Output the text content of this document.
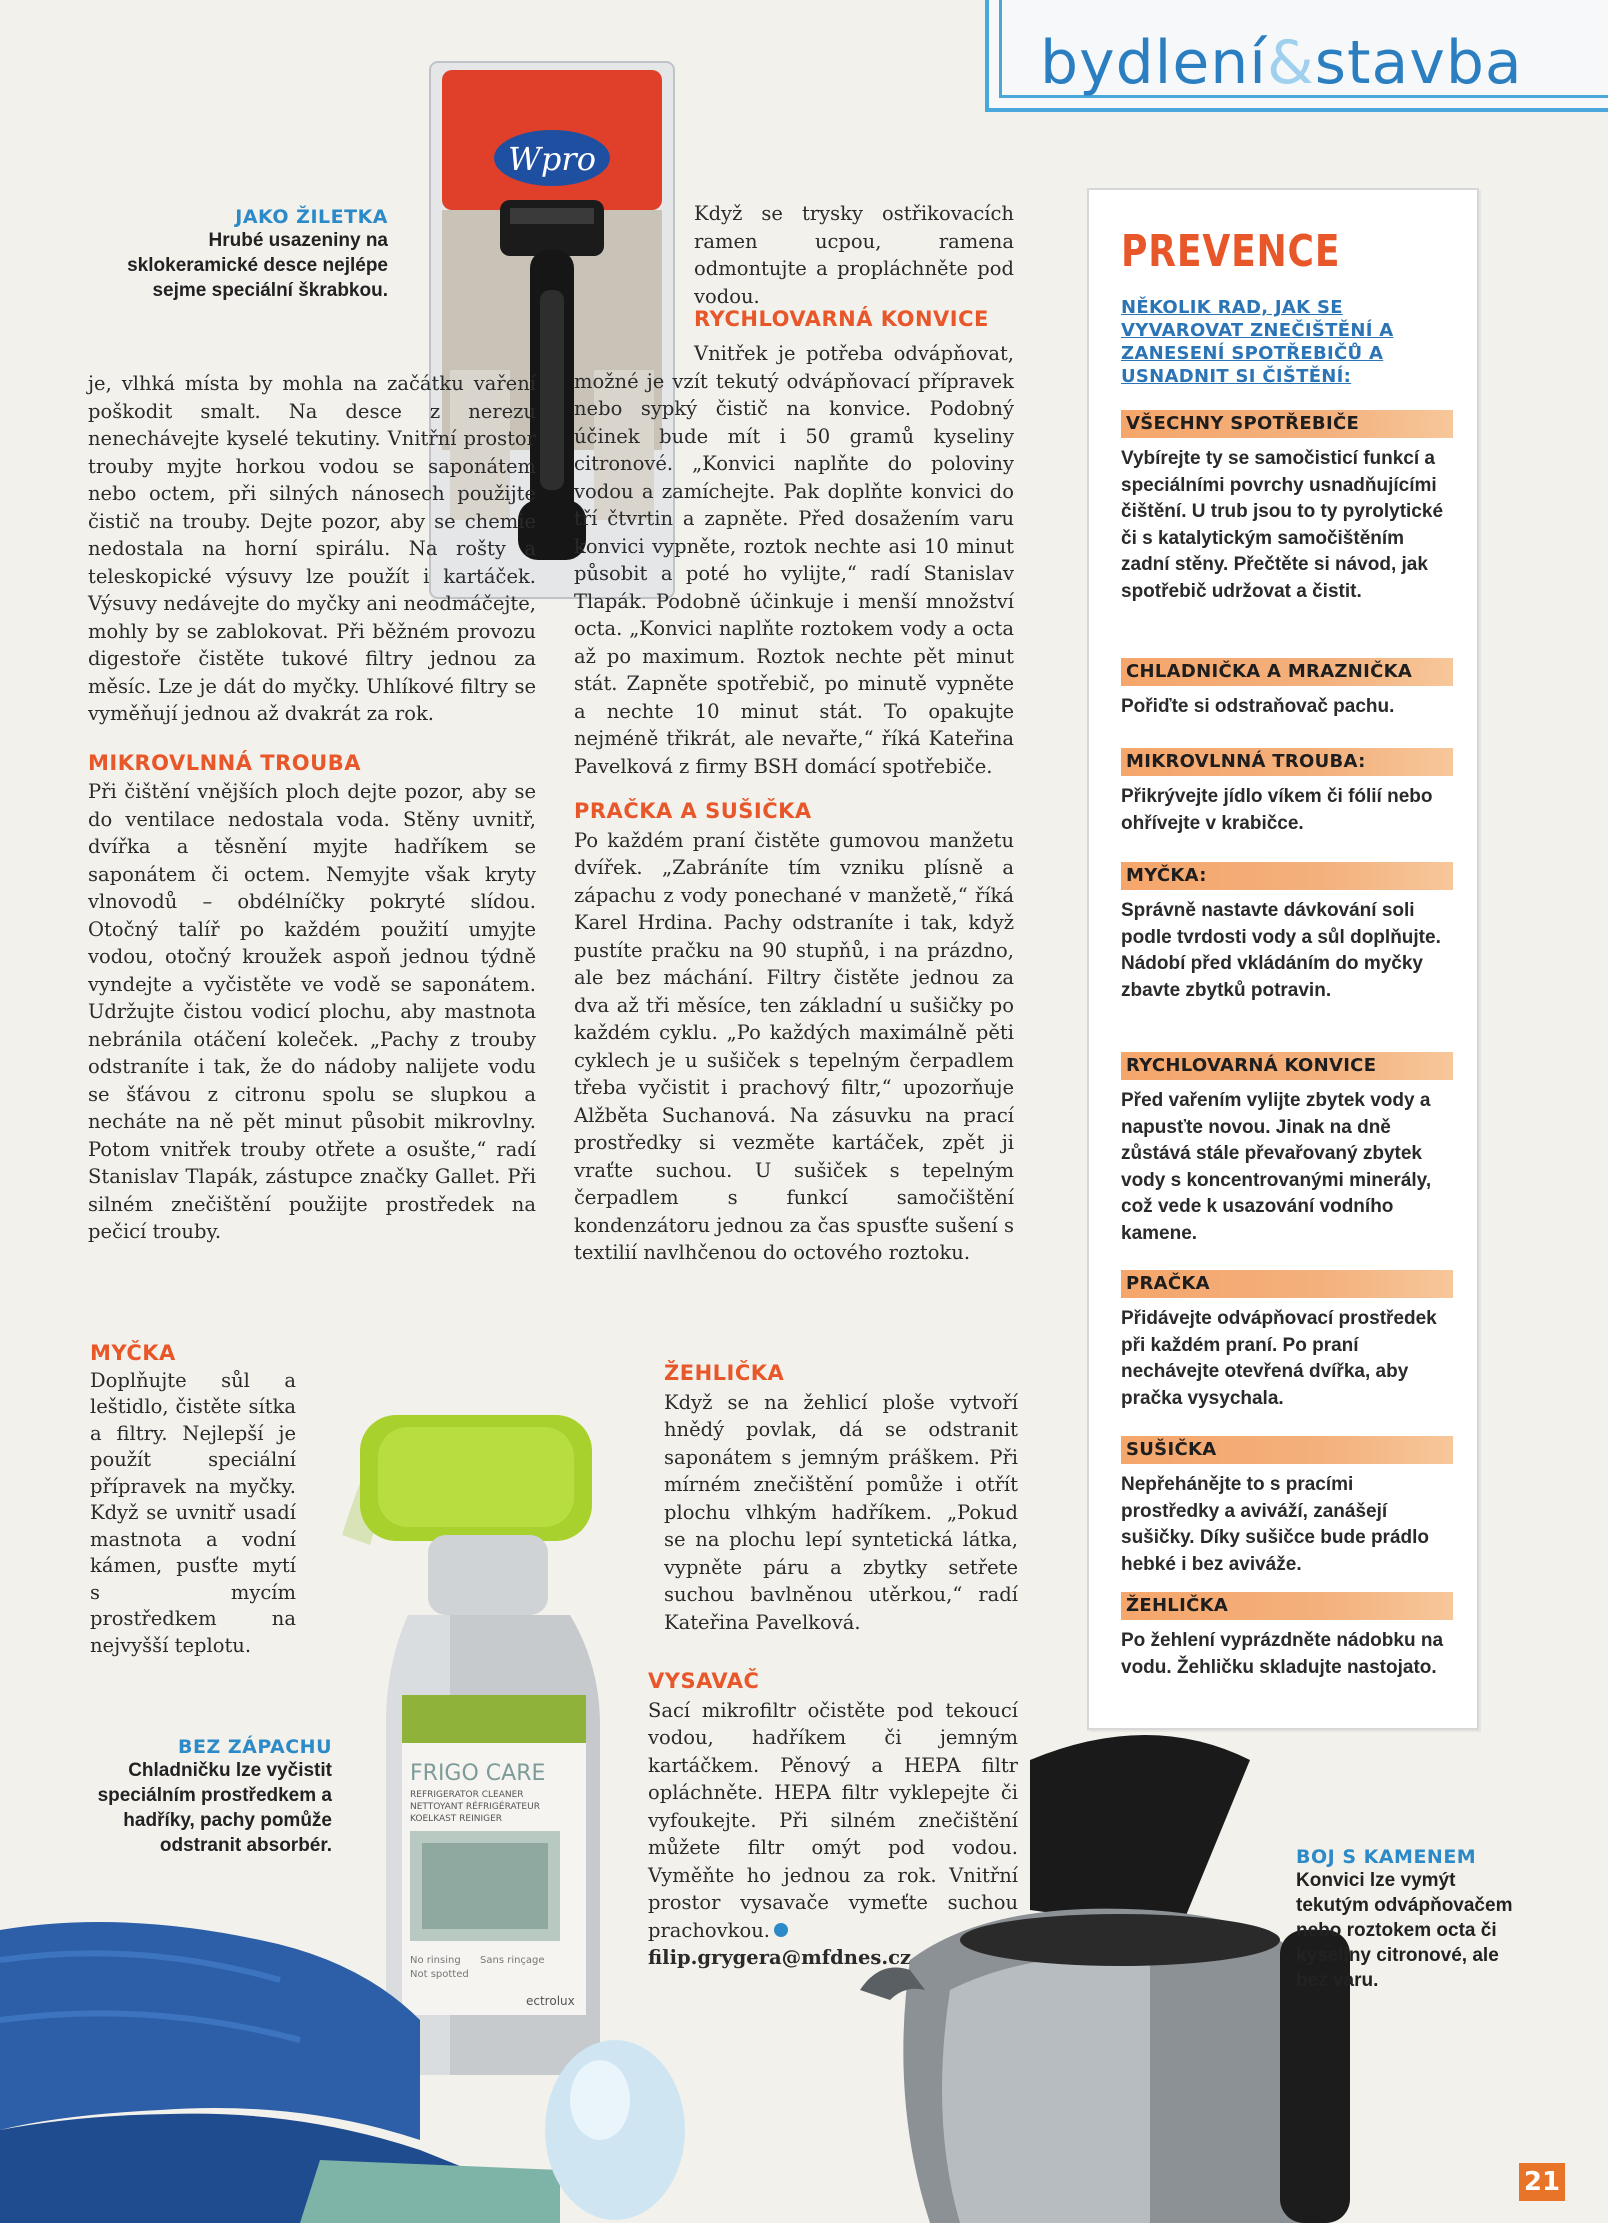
bydlení&stavba
Wpro
JAKO ŽILETKA
Hrubé usazeniny na sklokeramické desce nejlépe sejme speciální škrabkou.

je, vlhká místa by mohla na začátku vaření poškodit smalt. Na desce z nerezu nenechávejte kyselé tekutiny. Vnitřní prostor trouby myjte horkou vodou se saponátem nebo octem, při silných nánosech použijte čistič na trouby. Dejte pozor, aby se chemie nedostala na horní spirálu. Na rošty a teleskopické výsuvy lze použít i kartáček. Výsuvy nedávejte do myčky ani neodmáčejte, mohly by se zablokovat. Při běžném provozu digestoře čistěte tukové filtry jednou za měsíc. Lze je dát do myčky. Uhlíkové filtry se vyměňují jednou až dvakrát za rok.

MIKROVLNNÁ TROUBA

Při čištění vnějších ploch dejte pozor, aby se do ventilace nedostala voda. Stěny uvnitř, dvířka a těsnění myjte hadříkem se saponátem či octem. Nemyjte však kryty vlnovodů – obdélníčky pokryté slídou. Otočný talíř po každém použití umyjte vodou, otočný kroužek aspoň jednou týdně vyndejte a vyčistěte ve vodě se saponátem. Udržujte čistou vodicí plochu, aby mastnota nebránila otáčení koleček. „Pachy z trouby odstraníte i tak, že do nádoby nalijete vodu se šťávou z citronu spolu se slupkou a necháte na ně pět minut působit mikrovlny. Potom vnitřek trouby otřete a osušte,“ radí Stanislav Tlapák, zástupce značky Gallet. Při silném znečištění použijte prostředek na pečicí trouby.

MYČKA

Doplňujte sůl a leštidlo, čistěte sítka a filtry. Nejlepší je použít speciální přípravek na myčky. Když se uvnitř usadí mastnota a vodní kámen, pusťte mytí s mycím prostředkem na nejvyšší teplotu.

Když se trysky ostřikovacích ramen ucpou, ramena odmontujte a propláchněte pod vodou.

RYCHLOVARNÁ KONVICE

Vnitřek je potřeba odvápňovat, možné je vzít tekutý odvápňovací přípravek nebo sypký čistič na konvice. Podobný účinek bude mít i 50 gramů kyseliny citronové. „Konvici naplňte do poloviny vodou a zamíchejte. Pak doplňte konvici do tří čtvrtin a zapněte. Před dosažením varu konvici vypněte, roztok nechte asi 10 minut působit a poté ho vylijte,“ radí Stanislav Tlapák. Podobně účinkuje i menší množství octa. „Konvici naplňte roztokem vody a octa až po maximum. Roztok nechte pět minut stát. Zapněte spotřebič, po minutě vypněte a nechte 10 minut stát. To opakujte nejméně třikrát, ale nevařte,“ říká Kateřina Pavelková z firmy BSH domácí spotřebiče.

PRAČKA A SUŠIČKA

Po každém praní čistěte gumovou manžetu dvířek. „Zabráníte tím vzniku plísně a zápachu z vody ponechané v manžetě,“ říká Karel Hrdina. Pachy odstraníte i tak, když pustíte pračku na 90 stupňů, i na prázdno, ale bez máchání. Filtry čistěte jednou za dva až tři měsíce, ten základní u sušičky po každém cyklu. „Po každých maximálně pěti cyklech je u sušiček s tepelným čerpadlem třeba vyčistit i prachový filtr,“ upozorňuje Alžběta Suchanová. Na zásuvku na prací prostředky si vezměte kartáček, zpět ji vraťte suchou. U sušiček s tepelným čerpadlem s funkcí samočištění kondenzátoru jednou za čas spusťte sušení s textilií navlhčenou do octového roztoku.

ŽEHLIČKA

Když se na žehlicí ploše vytvoří hnědý povlak, dá se odstranit saponátem s jemným práškem. Při mírném znečištění pomůže i otřít plochu vlhkým hadříkem. „Pokud se na plochu lepí syntetická látka, vypněte páru a zbytky setřete suchou bavlněnou utěrkou,“ radí Kateřina Pavelková.

VYSAVAČ

Sací mikrofiltr očistěte pod tekoucí vodou, hadříkem či jemným kartáčkem. Pěnový a HEPA filtr opláchněte. HEPA filtr vyklepejte či vyfoukejte. Při silném znečištění můžete filtr omýt pod vodou. Vyměňte ho jednou za rok. Vnitřní prostor vysavače vymeťte suchou prachovkou.filip.grygera@mfdnes.cz

FRIGO CARE
REFRIGERATOR CLEANER
NETTOYANT RÉFRIGÉRATEUR
KOELKAST REINIGER
No rinsing Sans rinçage
Not spotted
ectrolux
BEZ ZÁPACHU
Chladničku lze vyčistit speciálním prostředkem a hadříky, pachy pomůže odstranit absorbér.
BOJ S KAMENEM
Konvici lze vymýt tekutým odvápňovačem nebo roztokem octa či kyseliny citronové, ale bez varu.
PREVENCE
NĚKOLIK RAD, JAK SE VYVAROVAT ZNEČIŠTĚNÍ A ZANESENÍ SPOTŘEBIČŮ A USNADNIT SI ČIŠTĚNÍ:
VŠECHNY SPOTŘEBIČE
Vybírejte ty se samočisticí funkcí a speciálními povrchy usnadňujícími čištění. U trub jsou to ty pyrolytické či s katalytickým samočištěním zadní stěny. Přečtěte si návod, jak spotřebič udržovat a čistit.
CHLADNIČKA A MRAZNIČKA
Pořiďte si odstraňovač pachu.
MIKROVLNNÁ TROUBA:
Přikrývejte jídlo víkem či fólií nebo ohřívejte v krabičce.
MYČKA:
Správně nastavte dávkování soli podle tvrdosti vody a sůl doplňujte. Nádobí před vkládáním do myčky zbavte zbytků potravin.
RYCHLOVARNÁ KONVICE
Před vařením vylijte zbytek vody a napusťte novou. Jinak na dně zůstává stále převařovaný zbytek vody s koncentrovanými minerály, což vede k usazování vodního kamene.
PRAČKA
Přidávejte odvápňovací prostředek při každém praní. Po praní nechávejte otevřená dvířka, aby pračka vysychala.
SUŠIČKA
Nepřehánějte to s pracími prostředky a aviváží, zanášejí sušičky. Díky sušičce bude prádlo hebké i bez aviváže.
ŽEHLIČKA
Po žehlení vyprázdněte nádobku na vodu. Žehličku skladujte nastojato.
21
